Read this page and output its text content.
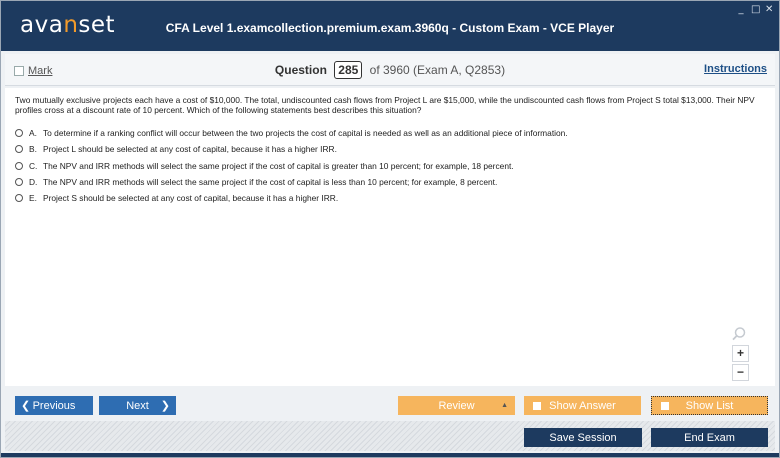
avanset	CFA Level 1.examcollection.premium.exam.3960q - Custom Exam - VCE Player
_ □ ✕
Mark	Question 285 of 3960 (Exam A, Q2853)	Instructions
Two mutually exclusive projects each have a cost of $10,000. The total, undiscounted cash flows from Project L are $15,000, while the undiscounted cash flows from Project S total $13,000. Their NPV profiles cross at a discount rate of 10 percent. Which of the following statements best describes this situation?
A. To determine if a ranking conflict will occur between the two projects the cost of capital is needed as well as an additional piece of information.
B. Project L should be selected at any cost of capital, because it has a higher IRR.
C. The NPV and IRR methods will select the same project if the cost of capital is greater than 10 percent; for example, 18 percent.
D. The NPV and IRR methods will select the same project if the cost of capital is less than 10 percent; for example, 8 percent.
E. Project S should be selected at any cost of capital, because it has a higher IRR.
+
−
❮ Previous	Next ❯	Review	▲	Show Answer	Show List
Save Session	End Exam
